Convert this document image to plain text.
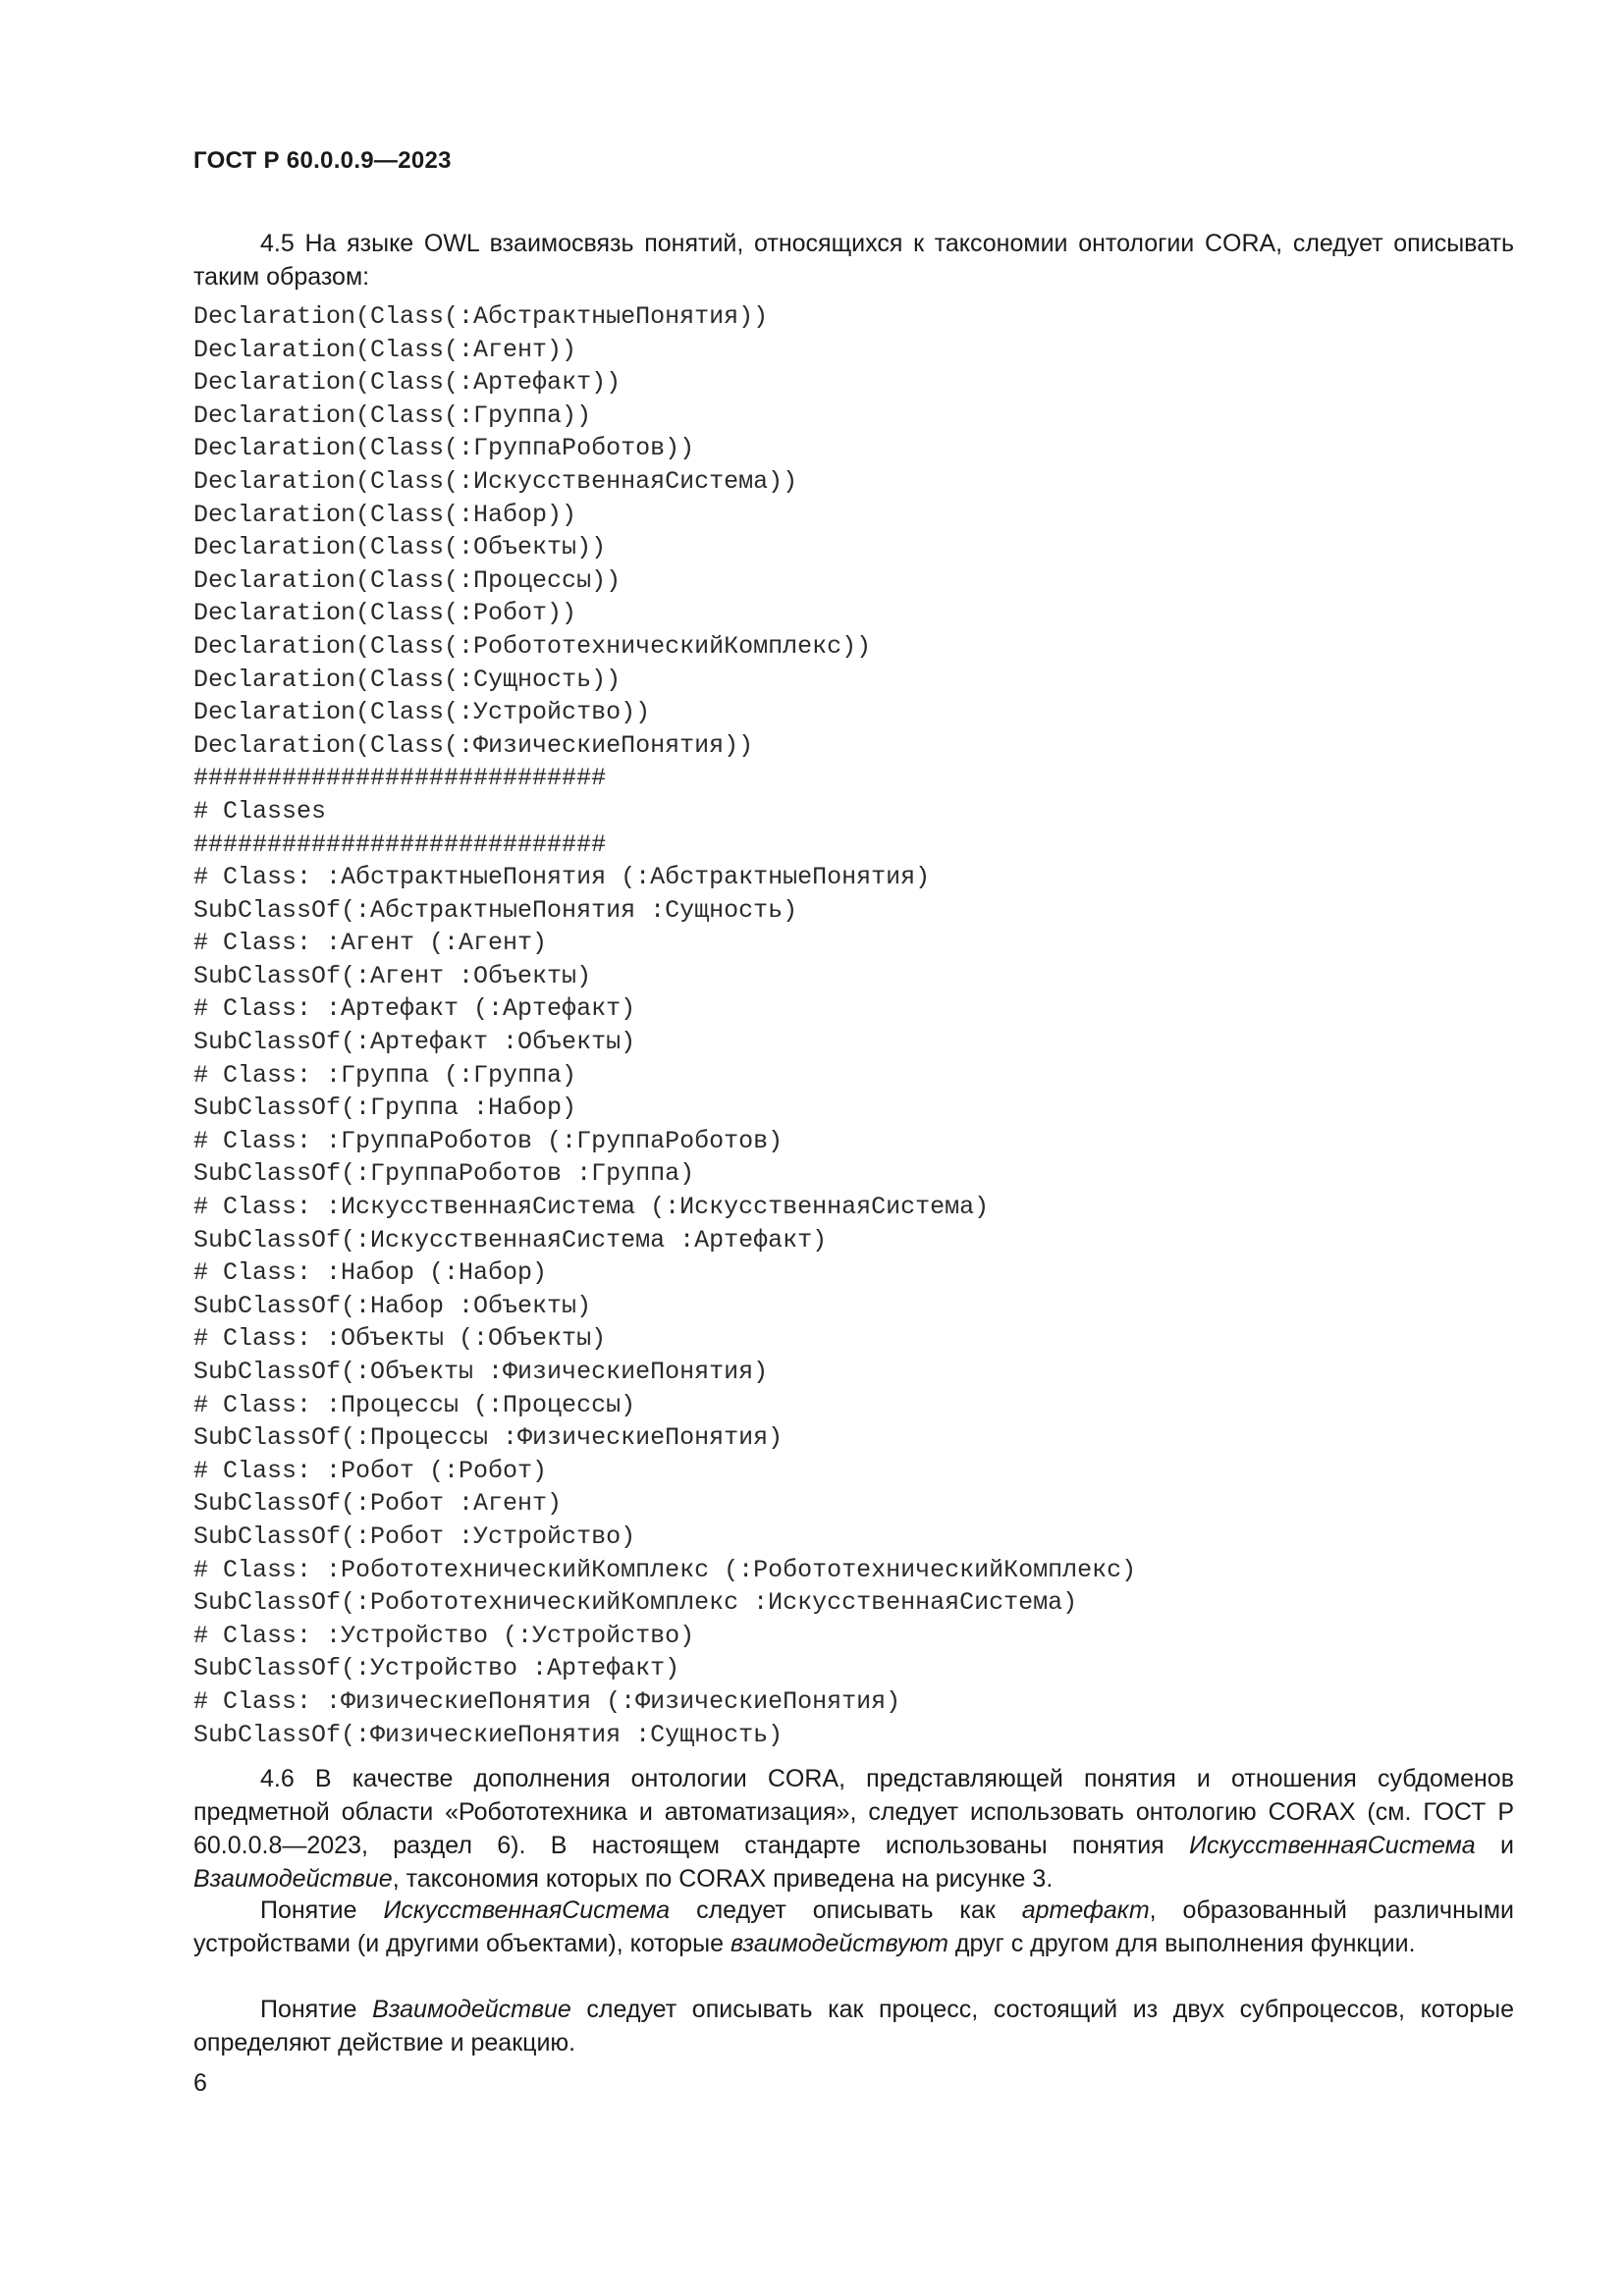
ГОСТ Р 60.0.0.9—2023
4.5 На языке OWL взаимосвязь понятий, относящихся к таксономии онтологии CORA, следует описывать таким образом:
Declaration(Class(:АбстрактныеПонятия))
Declaration(Class(:Агент))
Declaration(Class(:Артефакт))
Declaration(Class(:Группа))
Declaration(Class(:ГруппаРоботов))
Declaration(Class(:ИскусственнаяСистема))
Declaration(Class(:Набор))
Declaration(Class(:Объекты))
Declaration(Class(:Процессы))
Declaration(Class(:Робот))
Declaration(Class(:РобототехническийКомплекс))
Declaration(Class(:Сущность))
Declaration(Class(:Устройство))
Declaration(Class(:ФизическиеПонятия))
############################
# Classes
############################
# Class: :АбстрактныеПонятия (:АбстрактныеПонятия)
SubClassOf(:АбстрактныеПонятия :Сущность)
# Class: :Агент (:Агент)
SubClassOf(:Агент :Объекты)
# Class: :Артефакт (:Артефакт)
SubClassOf(:Артефакт :Объекты)
# Class: :Группа (:Группа)
SubClassOf(:Группа :Набор)
# Class: :ГруппаРоботов (:ГруппаРоботов)
SubClassOf(:ГруппаРоботов :Группа)
# Class: :ИскусственнаяСистема (:ИскусственнаяСистема)
SubClassOf(:ИскусственнаяСистема :Артефакт)
# Class: :Набор (:Набор)
SubClassOf(:Набор :Объекты)
# Class: :Объекты (:Объекты)
SubClassOf(:Объекты :ФизическиеПонятия)
# Class: :Процессы (:Процессы)
SubClassOf(:Процессы :ФизическиеПонятия)
# Class: :Робот (:Робот)
SubClassOf(:Робот :Агент)
SubClassOf(:Робот :Устройство)
# Class: :РобототехническийКомплекс (:РобототехническийКомплекс)
SubClassOf(:РобототехническийКомплекс :ИскусственнаяСистема)
# Class: :Устройство (:Устройство)
SubClassOf(:Устройство :Артефакт)
# Class: :ФизическиеПонятия (:ФизическиеПонятия)
SubClassOf(:ФизическиеПонятия :Сущность)
4.6 В качестве дополнения онтологии CORA, представляющей понятия и отношения субдоменов предметной области «Робототехника и автоматизация», следует использовать онтологию CORAX (см. ГОСТ Р 60.0.0.8—2023, раздел 6). В настоящем стандарте использованы понятия ИскусственнаяСистема и Взаимодействие, таксономия которых по CORAX приведена на рисунке 3.
Понятие ИскусственнаяСистема следует описывать как артефакт, образованный различными устройствами (и другими объектами), которые взаимодействуют друг с другом для выполнения функции.
Понятие Взаимодействие следует описывать как процесс, состоящий из двух субпроцессов, которые определяют действие и реакцию.
6
